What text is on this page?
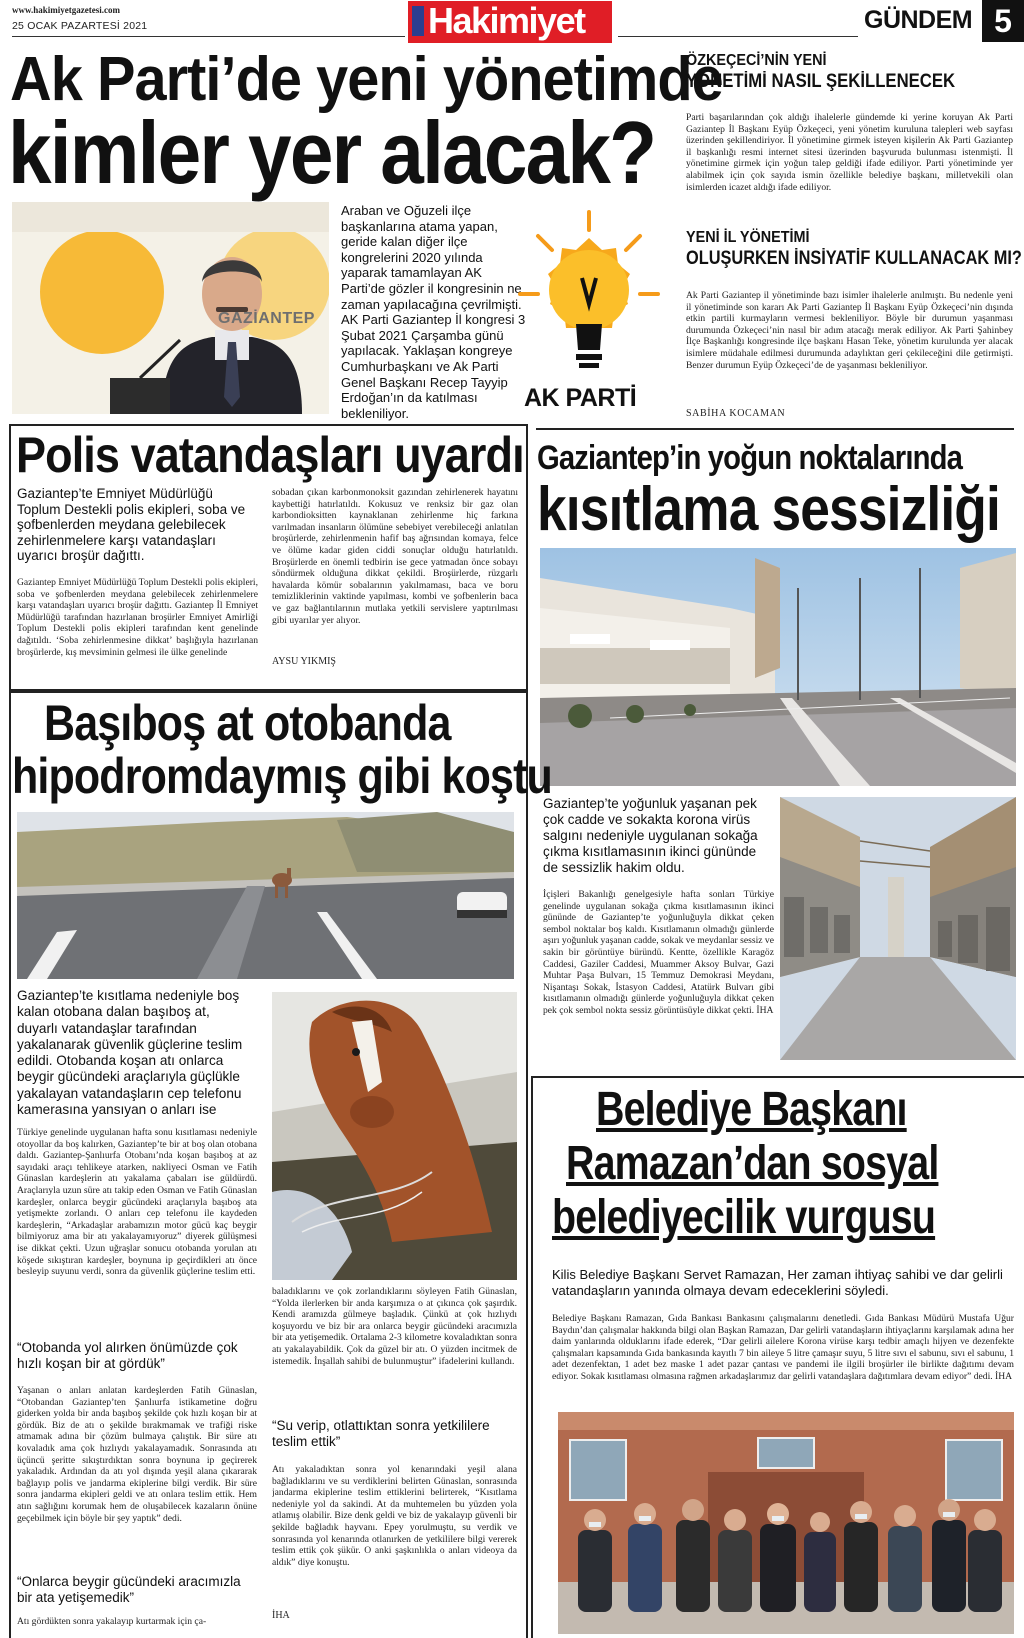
www.hakimiyetgazetesi.com
25 OCAK PAZARTESİ 2021	Hakimiyet	GÜNDEM 5
Ak Parti’de yeni yönetimde
kimler yer alacak?
GAZİANTEP
Araban ve Oğuzeli ilçe başkanlarına atama yapan, geride kalan diğer ilçe kongrelerini 2020 yılında yaparak tamamlayan AK Parti’de gözler il kongresinin ne zaman yapılacağına çevrilmişti. AK Parti Gaziantep İl kongresi 3 Şubat 2021 Çarşamba günü yapılacak. Yaklaşan kongreye Cumhurbaşkanı ve Ak Parti Genel Başkanı Recep Tayyip Erdoğan’ın da katılması bekleniliyor.
AK PARTİ
ÖZKEÇECİ’NİN YENİ
YÖNETİMİ NASIL ŞEKİLLENECEK
Parti başarılarından çok aldığı ihalelerle gündemde ki yerine koruyan Ak Parti Gaziantep İl Başkanı Eyüp Özkeçeci, yeni yönetim kuruluna talepleri web sayfası üzerinden şekillendiriyor. İl yönetimine girmek isteyen kişilerin Ak Parti Gaziantep il başkanlığı resmi internet sitesi üzerinden başvuruda bulunması istenmişti. İl yönetimine girmek için yoğun talep geldiği ifade ediliyor. Parti yönetiminde yer alabilmek için çok sayıda ismin özellikle belediye başkanı, milletvekili olan isimlerden icazet aldığı ifade ediliyor.
YENİ İL YÖNETİMİ
OLUŞURKEN İNSİYATİF KULLANACAK MI?
Ak Parti Gaziantep il yönetiminde bazı isimler ihalelerle anılmıştı. Bu nedenle yeni il yönetiminde son kararı Ak Parti Gaziantep İl Başkanı Eyüp Özkeçeci’nin dışında etkin partili kurmayların vermesi bekleniliyor. Böyle bir durumun yaşanması durumunda Özkeçeci’nin nasıl bir adım atacağı merak ediliyor. Ak Parti Şahinbey İlçe Başkanlığı kongresinde ilçe başkanı Hasan Teke, yönetim kurulunda yer alacak isimlere müdahale edilmesi durumunda adaylıktan geri çekileceğini dile getirmişti. Benzer durumun Eyüp Özkeçeci’de de yaşanması bekleniliyor.
SABİHA KOCAMAN
Polis vatandaşları uyardı
Gaziantep’te Emniyet Müdürlüğü Toplum Destekli polis ekipleri, soba ve şofbenlerden meydana gelebilecek zehirlenmelere karşı vatandaşları uyarıcı broşür dağıttı.
Gaziantep Emniyet Müdürlüğü Toplum Destekli polis ekipleri, soba ve şofbenlerden meydana gelebilecek zehirlenmelere karşı vatandaşları uyarıcı broşür dağıttı. Gaziantep İl Emniyet Müdürlüğü tarafından hazırlanan broşürler Emniyet Amirliği Toplum Destekli polis ekipleri tarafından kent genelinde dağıtıldı. ‘Soba zehirlenmesine dikkat’ başlığıyla hazırlanan broşürlerde, kış mevsiminin gelmesi ile ülke genelinde
sobadan çıkan karbonmonoksit gazından zehirlenerek hayatını kaybettiği hatırlatıldı. Kokusuz ve renksiz bir gaz olan karbondioksitten kaynaklanan zehirlenme hiç farkına varılmadan insanların ölümüne sebebiyet verebileceği anlatılan broşürlerde, zehirlenmenin hafif baş ağrısından komaya, felce ve ölüme kadar giden ciddi sonuçlar olduğu hatırlatıldı. Broşürlerde en önemli tedbirin ise gece yatmadan önce sobayı söndürmek olduğuna dikkat çekildi. Broşürlerde, rüzgarlı havalarda kömür sobalarının yakılmaması, baca ve boru temizliklerinin vaktinde yapılması, kombi ve şofbenlerin baca ve gaz bağlantılarının mutlaka yetkili servislere yaptırılması gibi uyarılar yer alıyor.
AYSU YIKMIŞ
Gaziantep’in yoğun noktalarında
kısıtlama sessizliği
Gaziantep’te yoğunluk yaşanan pek çok cadde ve sokakta korona virüs salgını nedeniyle uygulanan sokağa çıkma kısıtlamasının ikinci gününde de sessizlik hakim oldu.
İçişleri Bakanlığı genelgesiyle hafta sonları Türkiye genelinde uygulanan sokağa çıkma kısıtlamasının ikinci gününde de Gaziantep’te yoğunluğuyla dikkat çeken sembol noktalar boş kaldı. Kısıtlamanın olmadığı günlerde aşırı yoğunluk yaşanan cadde, sokak ve meydanlar sessiz ve sakin bir görüntüye büründü. Kentte, özellikle Karagöz Caddesi, Gaziler Caddesi, Muammer Aksoy Bulvar, Gazi Muhtar Paşa Bulvarı, 15 Temmuz Demokrasi Meydanı, Nişantaşı Sokak, İstasyon Caddesi, Atatürk Bulvarı gibi kısıtlamanın olmadığı günlerde yoğunluğuyla dikkat çeken pek çok sembol nokta sessiz görüntüsüyle dikkat çekti. İHA
Başıboş at otobanda
hipodromdaymış gibi koştu
Gaziantep’te kısıtlama nedeniyle boş kalan otobana dalan başıboş at, duyarlı vatandaşlar tarafından yakalanarak güvenlik güçlerine teslim edildi. Otobanda koşan atı onlarca beygir gücündeki araçlarıyla güçlükle yakalayan vatandaşların cep telefonu kamerasına yansıyan o anları ise
Türkiye genelinde uygulanan hafta sonu kısıtlaması nedeniyle otoyollar da boş kalırken, Gaziantep’te bir at boş olan otobana daldı. Gaziantep-Şanlıurfa Otobanı’nda koşan başıboş at az sayıdaki araçı tehlikeye atarken, nakliyeci Osman ve Fatih Günaslan kardeşlerin atı yakalama çabaları ise güldürdü. Araçlarıyla uzun süre atı takip eden Osman ve Fatih Günaslan kardeşler, onlarca beygir gücündeki araçlarıyla başıboş ata yetişmekte zorlandı. O anları cep telefonu ile kaydeden kardeşlerin, “Arkadaşlar arabamızın motor gücü kaç beygir bilmiyoruz ama bir atı yakalayamıyoruz” diyerek gülüşmesi ise dikkat çekti. Uzun uğraşlar sonucu otobanda yorulan atı köşede sıkıştıran kardeşler, boynuna ip geçirdikleri atı önce besleyip suyunu verdi, sonra da güvenlik güçlerine teslim etti.
“Otobanda yol alırken önümüzde çok hızlı koşan bir at gördük”
Yaşanan o anları anlatan kardeşlerden Fatih Günaslan, “Otobandan Gaziantep’ten Şanlıurfa istikametine doğru giderken yolda bir anda başıboş şekilde çok hızlı koşan bir at gördük. Biz de atı o şekilde bırakmamak ve trafiği riske atmamak adına bir çözüm bulmaya çalıştık. Bir süre atı kovaladık ama çok hızlıydı yakalayamadık. Sonrasında atı üçüncü şeritte sıkıştırdıktan sonra boynuna ip geçirerek yakaladık. Ardından da atı yol dışında yeşil alana çıkararak bağlayıp polis ve jandarma ekiplerine bilgi verdik. Bir süre sonra jandarma ekipleri geldi ve atı onlara teslim ettik. Hem atın sağlığını korumak hem de oluşabilecek kazaların önüne geçebilmek için böyle bir şey yaptık” dedi.
“Onlarca beygir gücündeki aracımızla bir ata yetişemedik”
Atı gördükten sonra yakalayıp kurtarmak için ça-
baladıklarını ve çok zorlandıklarını söyleyen Fatih Günaslan, “Yolda ilerlerken bir anda karşımıza o at çıkınca çok şaşırdık. Kendi aramızda gülmeye başladık. Çünkü at çok hızlıydı koşuyordu ve biz bir ara onlarca beygir gücündeki aracımızla bir ata yetişemedik. Ortalama 2-3 kilometre kovaladıktan sonra atı yakalayabildik. Çok da güzel bir atı. O yüzden incitmek de istemedik. İnşallah sahibi de bulunmuştur” ifadelerini kullandı.
“Su verip, otlattıktan sonra yetkililere teslim ettik”
Atı yakaladıktan sonra yol kenarındaki yeşil alana bağladıklarını ve su verdiklerini belirten Günaslan, sonrasında jandarma ekiplerine teslim ettiklerini belirterek, “Kısıtlama nedeniyle yol da sakindi. At da muhtemelen bu yüzden yola atlamış olabilir. Bize denk geldi ve biz de yakalayıp güvenli bir şekilde bağladık hayvanı. Epey yorulmuştu, su verdik ve sonrasında yol kenarında otlanırken de yetkililere bilgi vererek teslim ettik çok şükür. O anki şaşkınlıkla o anları videoya da aldık” diye konuştu.
İHA
Belediye Başkanı
Ramazan’dan sosyal
belediyecilik vurgusu
Kilis Belediye Başkanı Servet Ramazan, Her zaman ihtiyaç sahibi ve dar gelirli vatandaşların yanında olmaya devam edeceklerini söyledi.
Belediye Başkanı Ramazan, Gıda Bankası Bankasını çalışmalarını denetledi. Gıda Bankası Müdürü Mustafa Uğur Baydın’dan çalışmalar hakkında bilgi olan Başkan Ramazan, Dar gelirli vatandaşların ihtiyaçlarını karşılamak adına her daim yanlarında olduklarını ifade ederek, “Dar gelirli ailelere Korona virüse karşı tedbir amaçlı hijyen ve dezenfekte çalışmaları kapsamında Gıda bankasında kayıtlı 7 bin aileye 5 litre çamaşır suyu, 5 litre sıvı el sabunu, sıvı el sabunu, 1 adet dezenfektan, 1 adet bez maske 1 adet pazar çantası ve pandemi ile ilgili broşürler ile birlikte dağıtımı devam ediyor. Sokak kısıtlaması olmasına rağmen arkadaşlarımız dar gelirli vatandaşlara dağıtımlara devam ediyor” dedi. İHA
